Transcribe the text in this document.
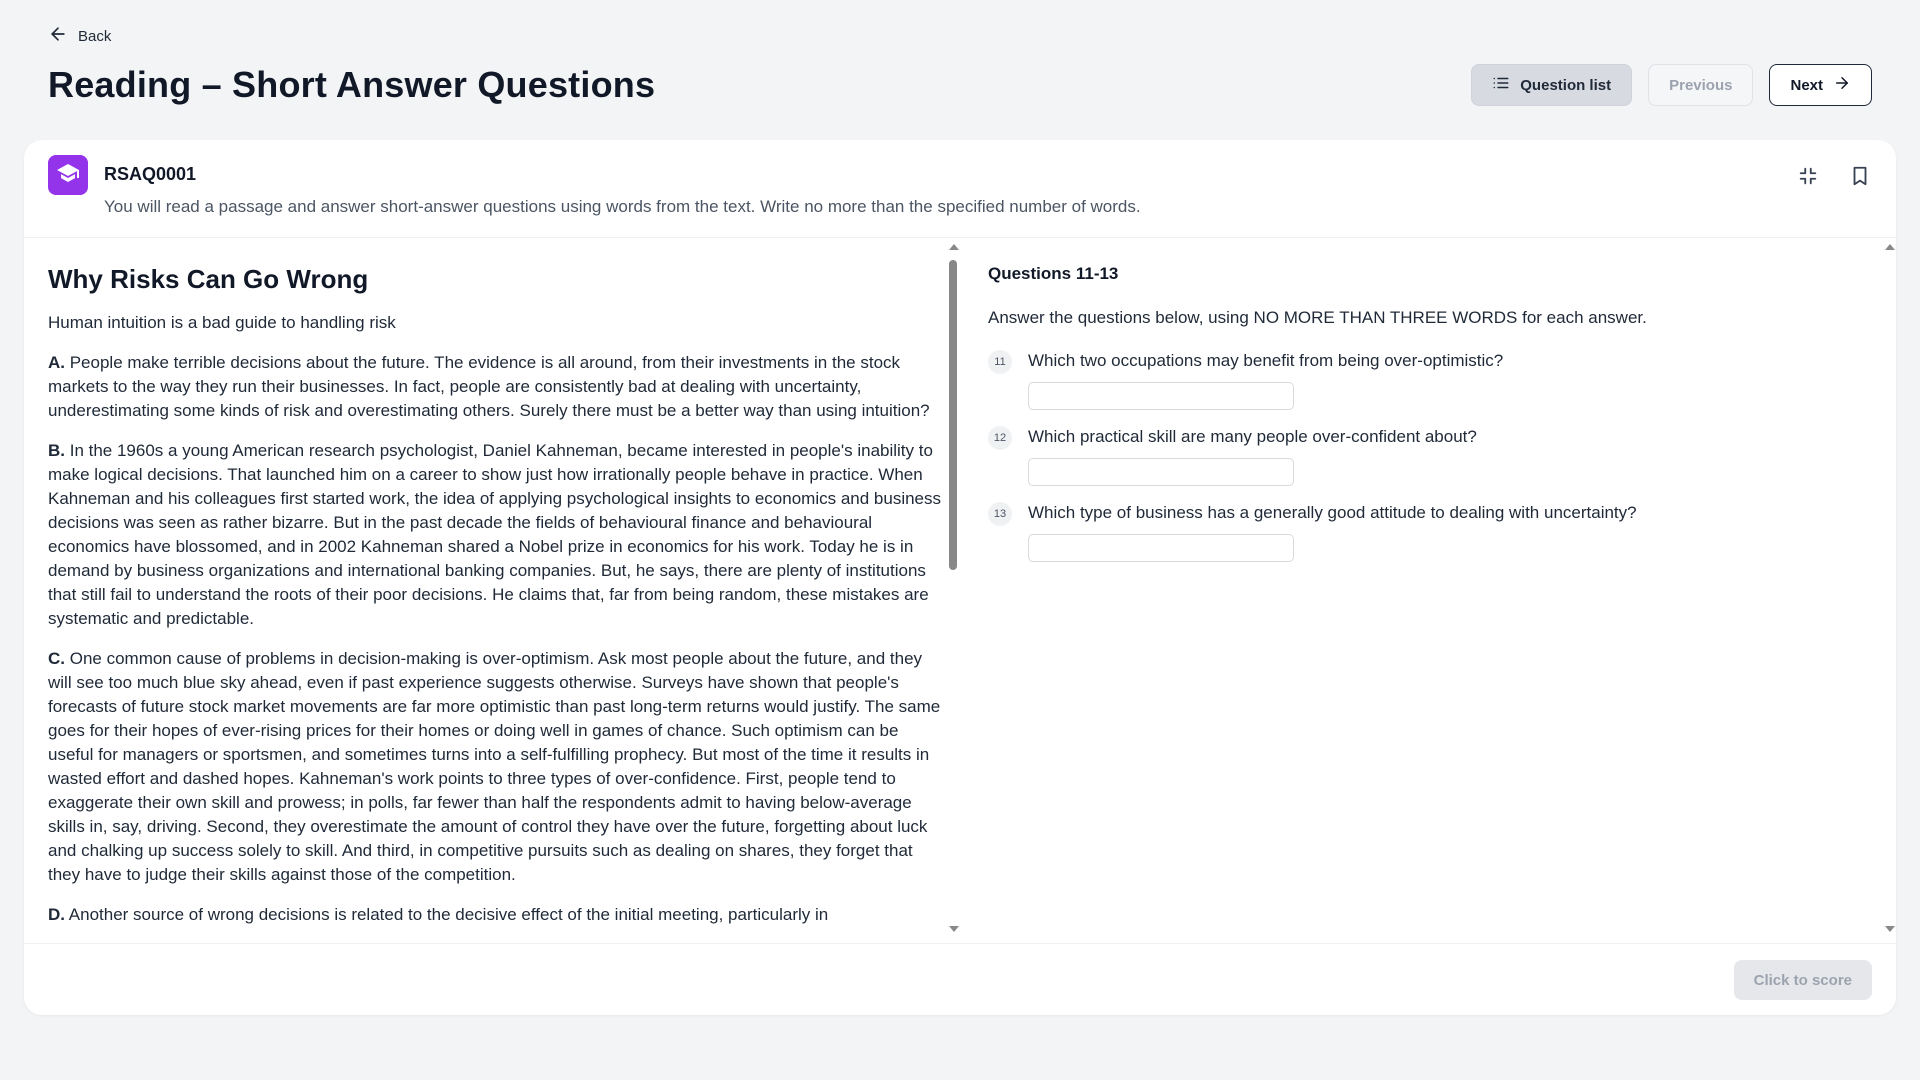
Back
Reading – Short Answer Questions	Question list	Previous	Next
RSAQ0001
You will read a passage and answer short-answer questions using words from the text. Write no more than the specified number of words.
Why Risks Can Go Wrong

Human intuition is a bad guide to handling risk

A. People make terrible decisions about the future. The evidence is all around, from their investments in the stock markets to the way they run their businesses. In fact, people are consistently bad at dealing with uncertainty, underestimating some kinds of risk and overestimating others. Surely there must be a better way than using intuition?

B. In the 1960s a young American research psychologist, Daniel Kahneman, became interested in people's inability to make logical decisions. That launched him on a career to show just how irrationally people behave in practice. When Kahneman and his colleagues first started work, the idea of applying psychological insights to economics and business decisions was seen as rather bizarre. But in the past decade the fields of behavioural finance and behavioural economics have blossomed, and in 2002 Kahneman shared a Nobel prize in economics for his work. Today he is in demand by business organizations and international banking companies. But, he says, there are plenty of institutions that still fail to understand the roots of their poor decisions. He claims that, far from being random, these mistakes are systematic and predictable.

C. One common cause of problems in decision-making is over-optimism. Ask most people about the future, and they will see too much blue sky ahead, even if past experience suggests otherwise. Surveys have shown that people's forecasts of future stock market movements are far more optimistic than past long-term returns would justify. The same goes for their hopes of ever-rising prices for their homes or doing well in games of chance. Such optimism can be useful for managers or sportsmen, and sometimes turns into a self-fulfilling prophecy. But most of the time it results in wasted effort and dashed hopes. Kahneman's work points to three types of over-confidence. First, people tend to exaggerate their own skill and prowess; in polls, far fewer than half the respondents admit to having below-average skills in, say, driving. Second, they overestimate the amount of control they have over the future, forgetting about luck and chalking up success solely to skill. And third, in competitive pursuits such as dealing on shares, they forget that they have to judge their skills against those of the competition.

D. Another source of wrong decisions is related to the decisive effect of the initial meeting, particularly in

Questions 11-13
Answer the questions below, using NO MORE THAN THREE WORDS for each answer.
11	Which two occupations may benefit from being over-optimistic?
12	Which practical skill are many people over-confident about?
13	Which type of business has a generally good attitude to dealing with uncertainty?
Click to score
